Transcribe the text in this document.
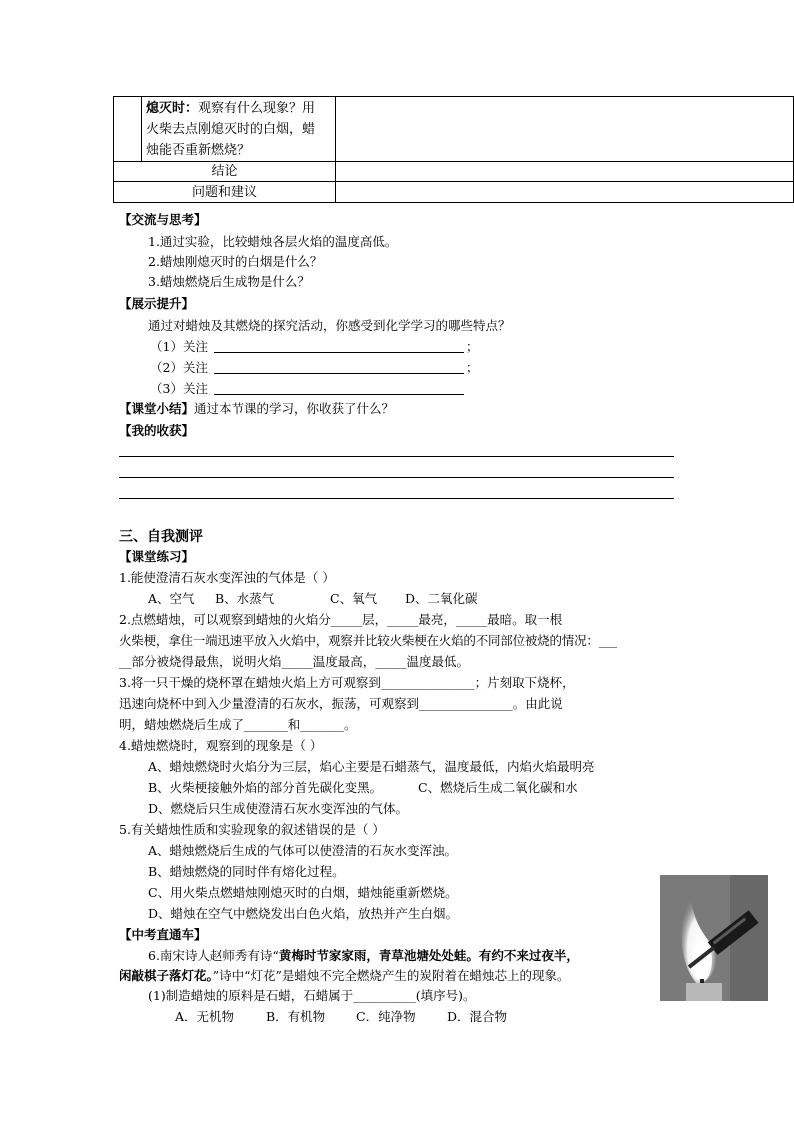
	熄灭时：观察有什么现象？用
火柴去点刚熄灭时的白烟，蜡
烛能否重新燃烧？	
结论		
问题和建议		
【交流与思考】
1.通过实验，比较蜡烛各层火焰的温度高低。
2.蜡烛刚熄灭时的白烟是什么？
3.蜡烛燃烧后生成物是什么？
【展示提升】
通过对蜡烛及其燃烧的探究活动，你感受到化学学习的哪些特点？
（1）关注	；
（2）关注	；
（3）关注
【课堂小结】通过本节课的学习，你收获了什么？
【我的收获】
三、自我测评
【课堂练习】
1.能使澄清石灰水变浑浊的气体是（ ）
A、空气 B、水蒸气	C、氧气 D、二氧化碳
2.点燃蜡烛，可以观察到蜡烛的火焰分_____层，_____最亮，_____最暗。取一根
火柴梗，拿住一端迅速平放入火焰中，观察并比较火柴梗在火焰的不同部位被烧的情况：___
__部分被烧得最焦，说明火焰_____温度最高，_____温度最低。
3.将一只干燥的烧杯罩在蜡烛火焰上方可观察到_______________；片刻取下烧杯，
迅速向烧杯中到入少量澄清的石灰水，振荡，可观察到_______________。由此说
明，蜡烛燃烧后生成了_______和_______。
4.蜡烛燃烧时，观察到的现象是（ ）
A、蜡烛燃烧时火焰分为三层，焰心主要是石蜡蒸气，温度最低，内焰火焰最明亮
B、火柴梗接触外焰的部分首先碳化变黑。	C、燃烧后生成二氧化碳和水
D、燃烧后只生成使澄清石灰水变浑浊的气体。
5.有关蜡烛性质和实验现象的叙述错误的是（ ）
A、蜡烛燃烧后生成的气体可以使澄清的石灰水变浑浊。
B、蜡烛燃烧的同时伴有熔化过程。
C、用火柴点燃蜡烛刚熄灭时的白烟，蜡烛能重新燃烧。
D、蜡烛在空气中燃烧发出白色火焰，放热并产生白烟。
【中考直通车】
6.南宋诗人赵师秀有诗“黄梅时节家家雨，青草池塘处处蛙。有约不来过夜半，
闲敲棋子落灯花。”诗中“灯花”是蜡烛不完全燃烧产生的炭附着在蜡烛芯上的现象。
(1)制造蜡烛的原料是石蜡，石蜡属于__________(填序号)。
A．无机物	B．有机物 C．纯净物	D．混合物
